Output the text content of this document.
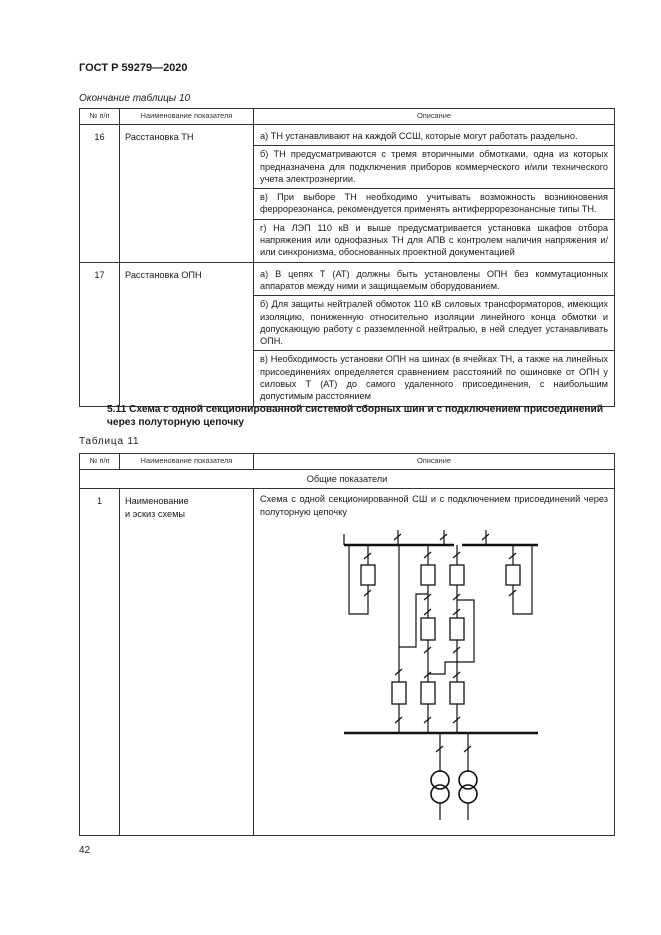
ГОСТ Р 59279—2020
Окончание таблицы 10
№ п/п	Наименование показателя	Описание
16	Расстановка ТН	а) ТН устанавливают на каждой ССШ, которые могут работать раздельно.
б) ТН предусматриваются с тремя вторичными обмотками, одна из которых предназначена для подключения приборов коммерческого и/или технического учета электроэнергии.
в) При выборе ТН необходимо учитывать возможность возникновения феррорезонанса, рекомендуется применять антиферрорезонансные типы ТН.
г) На ЛЭП 110 кВ и выше предусматривается установка шкафов отбора напряжения или однофазных ТН для АПВ с контролем наличия напряжения и/или синхронизма, обоснованных проектной документацией

17	Расстановка ОПН	а) В цепях Т (АТ) должны быть установлены ОПН без коммутационных аппаратов между ними и защищаемым оборудованием.
б) Для защиты нейтралей обмоток 110 кВ силовых трансформаторов, имеющих изоляцию, пониженную относительно изоляции линейного конца обмотки и допускающую работу с разземленной нейтралью, в ней следует устанавливать ОПН.
в) Необходимость установки ОПН на шинах (в ячейках ТН, а также на линейных присоединениях определяется сравнением расстояний по ошиновке от ОПН у силовых Т (АТ) до самого удаленного присоединения, с наибольшим допустимым расстоянием
5.11 Схема с одной секционированной системой сборных шин и с подключением присоединений через полуторную цепочку
Таблица 11
№ п/п	Наименование показателя	Описание
Общие показатели		
1	Наименование
и эскиз схемы	Схема с одной секционированной СШ и с подключением присоединений через полуторную цепочку
42
